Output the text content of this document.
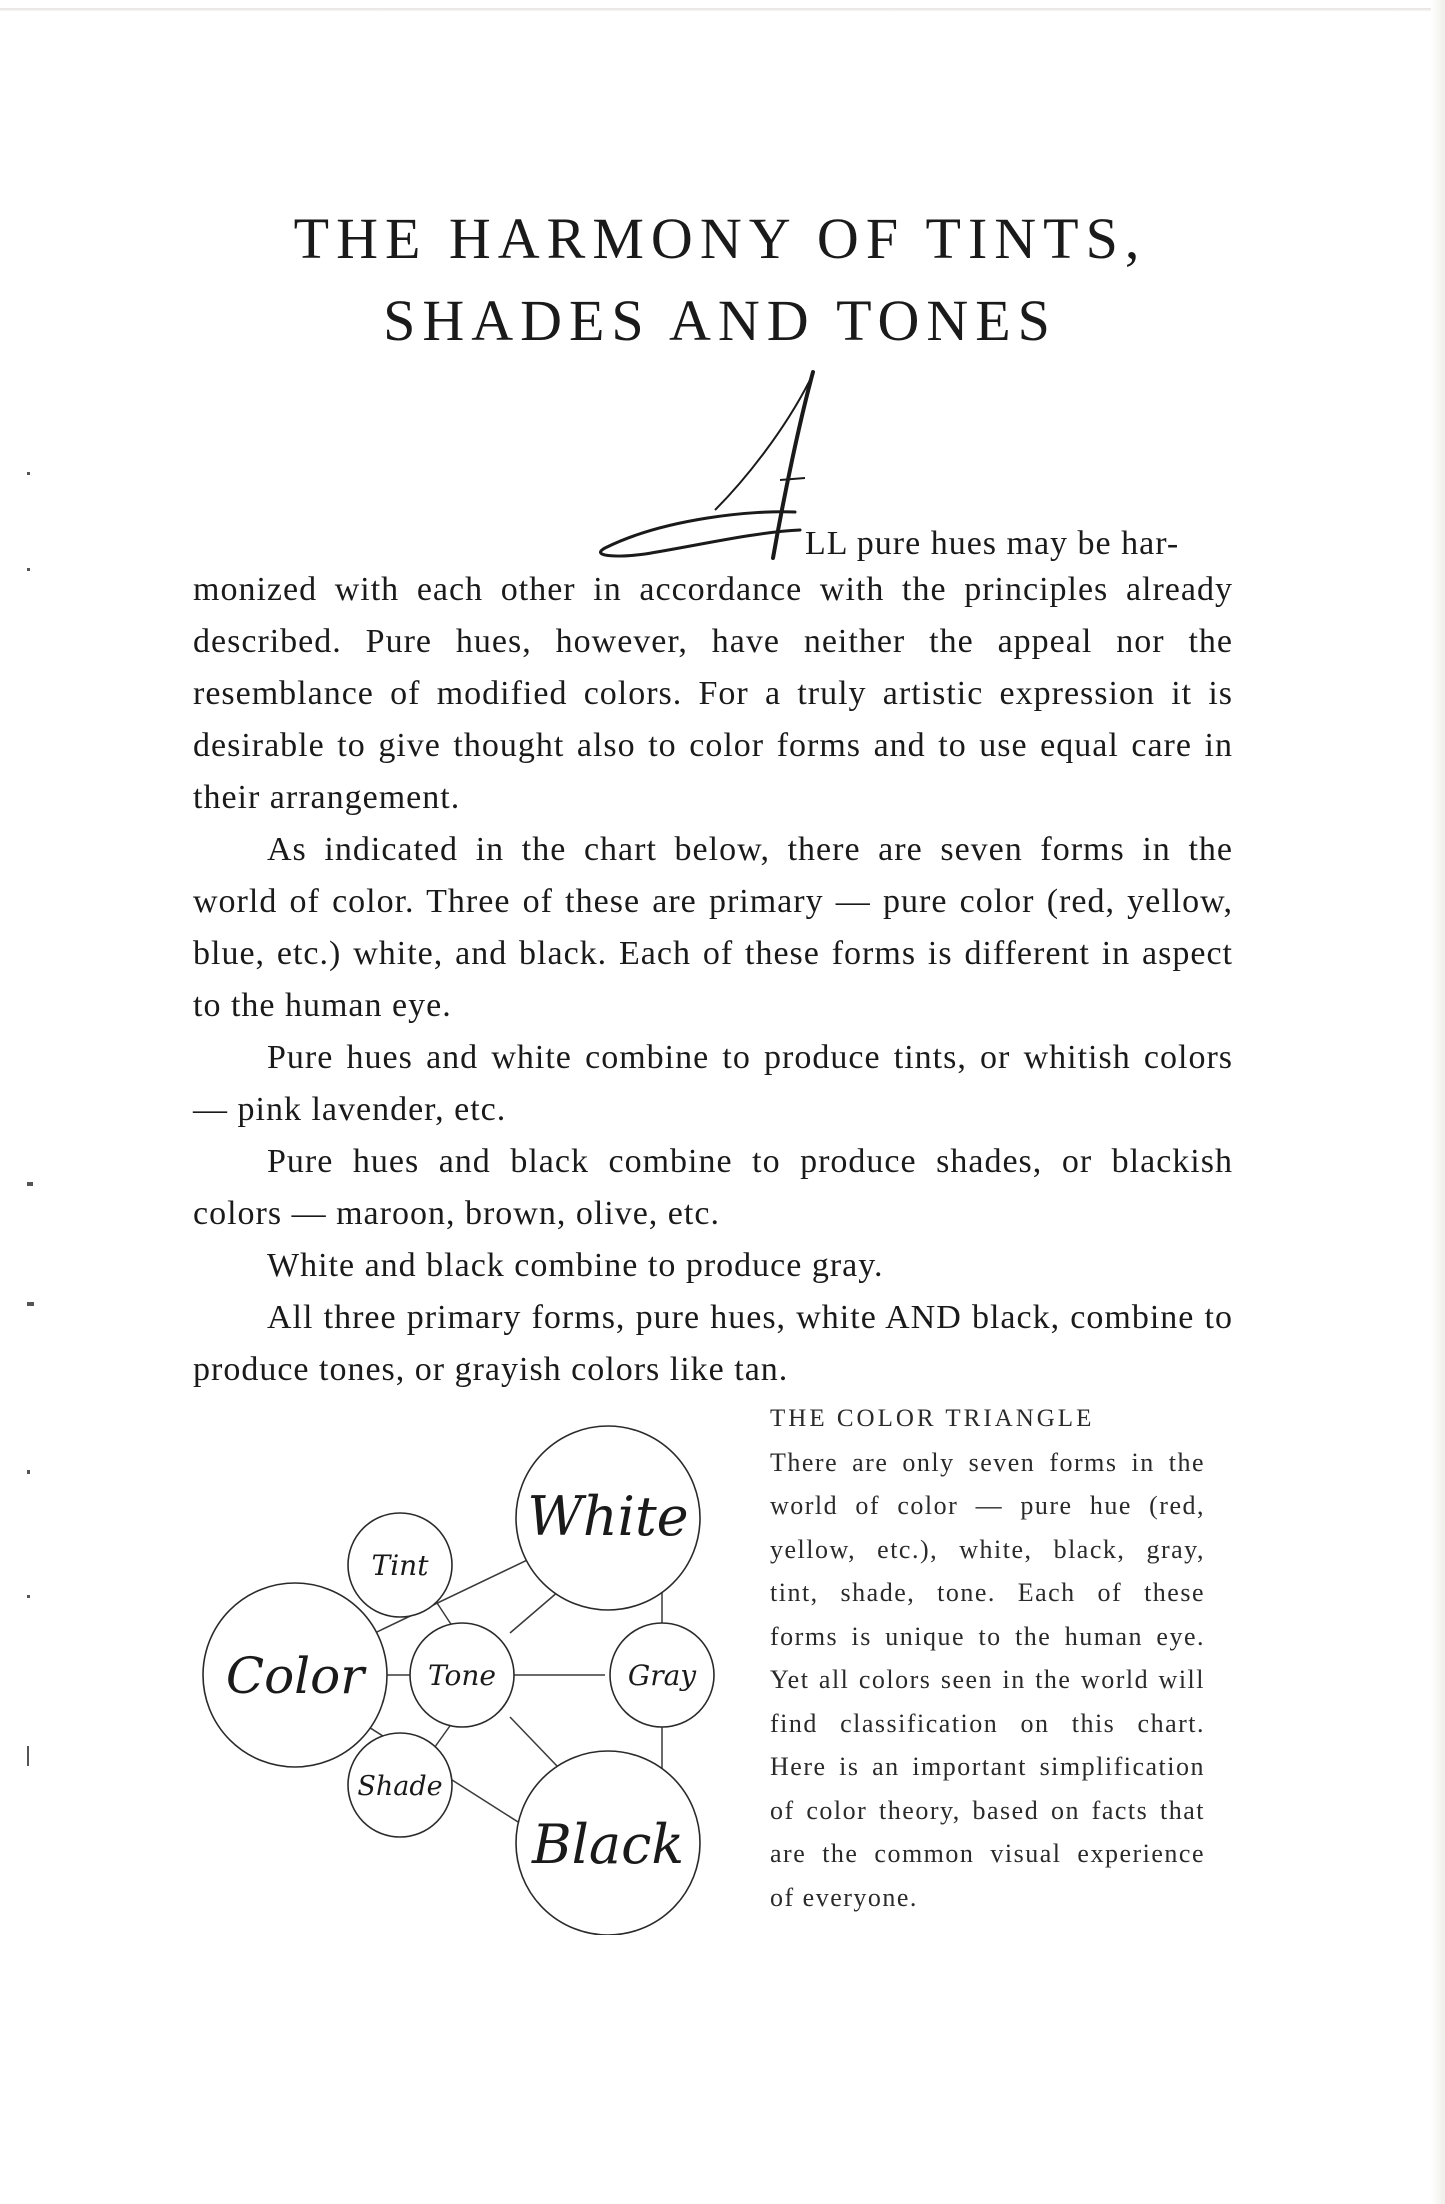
THE HARMONY OF TINTS,
SHADES AND TONES
LL pure hues may be har-

monized with each other in accordance with the principles already described. Pure hues, however, have neither the appeal nor the resemblance of modified colors. For a truly artistic expression it is desirable to give thought also to color forms and to use equal care in their arrangement.

As indicated in the chart below, there are seven forms in the world of color. Three of these are primary — pure color (red, yellow, blue, etc.) white, and black. Each of these forms is different in aspect to the human eye.

Pure hues and white combine to produce tints, or whitish colors — pink lavender, etc.

Pure hues and black combine to produce shades, or blackish colors — maroon, brown, olive, etc.

White and black combine to produce gray.

All three primary forms, pure hues, white AND black, combine to produce tones, or grayish colors like tan.

White
Black
Color Tone
Tint
Shade
Gray
THE COLOR TRIANGLE
There are only seven forms in the world of color — pure hue (red, yellow, etc.), white, black, gray, tint, shade, tone. Each of these forms is unique to the human eye. Yet all colors seen in the world will find classification on this chart. Here is an important simplification of color theory, based on facts that are the common visual experience of everyone.
